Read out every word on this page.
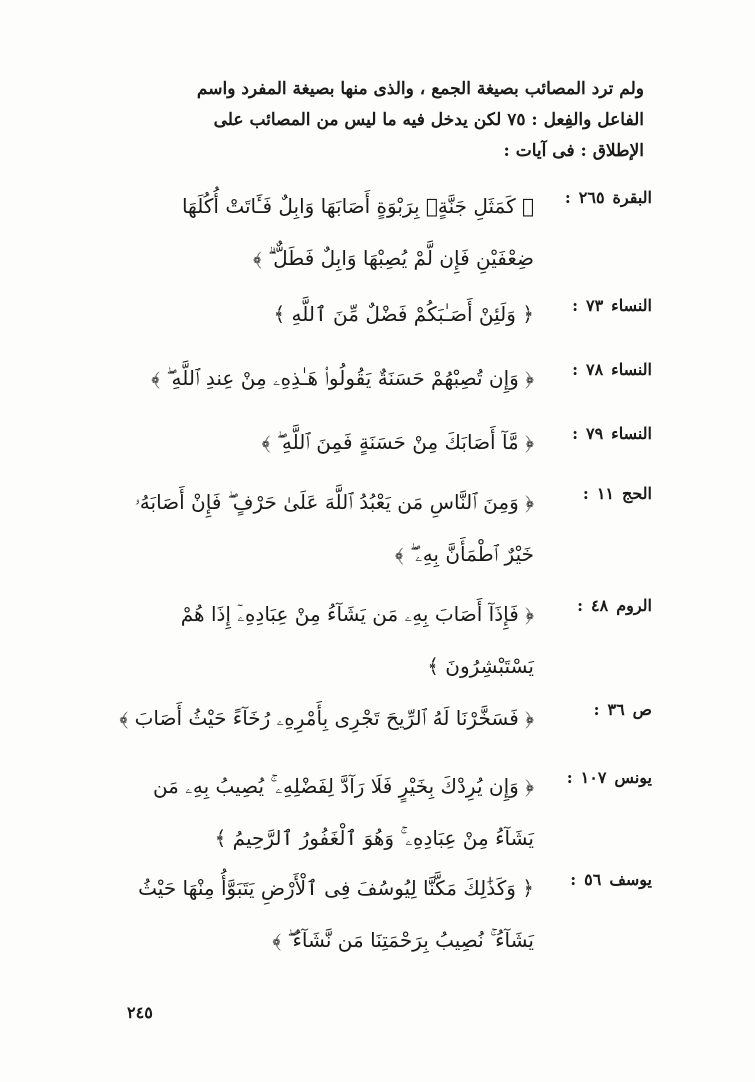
ولم ترد المصائب بصيغة الجمع ، والذى منها بصيغة المفرد واسم
الفاعل والفِعل : ٧٥ لكن يدخل فيه ما ليس من المصائب على
الإطلاق : فى آيات :
البقرة٢٦٥:
﴿ كَمَثَلِ جَنَّةٍۭ بِرَبْوَةٍ أَصَابَهَا وَابِلٌ فَـَٔاتَتْ أُكُلَهَا
ضِعْفَيْنِ فَإِن لَّمْ يُصِبْهَا وَابِلٌ فَطَلٌّ ۗ ﴾
النساء٧٣:
﴿ وَلَئِنْ أَصَـٰبَكُمْ فَضْلٌ مِّنَ ٱللَّهِ ﴾
النساء٧٨:
﴿ وَإِن تُصِبْهُمْ حَسَنَةٌ يَقُولُوا۟ هَـٰذِهِۦ مِنْ عِندِ ٱللَّهِ ۖ ﴾
النساء٧٩:
﴿ مَّآ أَصَابَكَ مِنْ حَسَنَةٍ فَمِنَ ٱللَّهِ ۖ ﴾
الحج١١:
﴿ وَمِنَ ٱلنَّاسِ مَن يَعْبُدُ ٱللَّهَ عَلَىٰ حَرْفٍ ۖ فَإِنْ أَصَابَهُۥ
خَيْرٌ ٱطْمَأَنَّ بِهِۦ ۖ ﴾
الروم٤٨:
﴿ فَإِذَآ أَصَابَ بِهِۦ مَن يَشَآءُ مِنْ عِبَادِهِۦٓ إِذَا هُمْ
يَسْتَبْشِرُونَ ﴾
ص٣٦:
﴿ فَسَخَّرْنَا لَهُ ٱلرِّيحَ تَجْرِى بِأَمْرِهِۦ رُخَآءً حَيْثُ أَصَابَ ﴾
يونس١٠٧:
﴿ وَإِن يُرِدْكَ بِخَيْرٍ فَلَا رَآدَّ لِفَضْلِهِۦ ۚ يُصِيبُ بِهِۦ مَن
يَشَآءُ مِنْ عِبَادِهِۦ ۚ وَهُوَ ٱلْغَفُورُ ٱلرَّحِيمُ ﴾
يوسف٥٦:
﴿ وَكَذَٰلِكَ مَكَّنَّا لِيُوسُفَ فِى ٱلْأَرْضِ يَتَبَوَّأُ مِنْهَا حَيْثُ
يَشَآءُ ۚ نُصِيبُ بِرَحْمَتِنَا مَن نَّشَآءُ ۖ ﴾
٢٤٥
